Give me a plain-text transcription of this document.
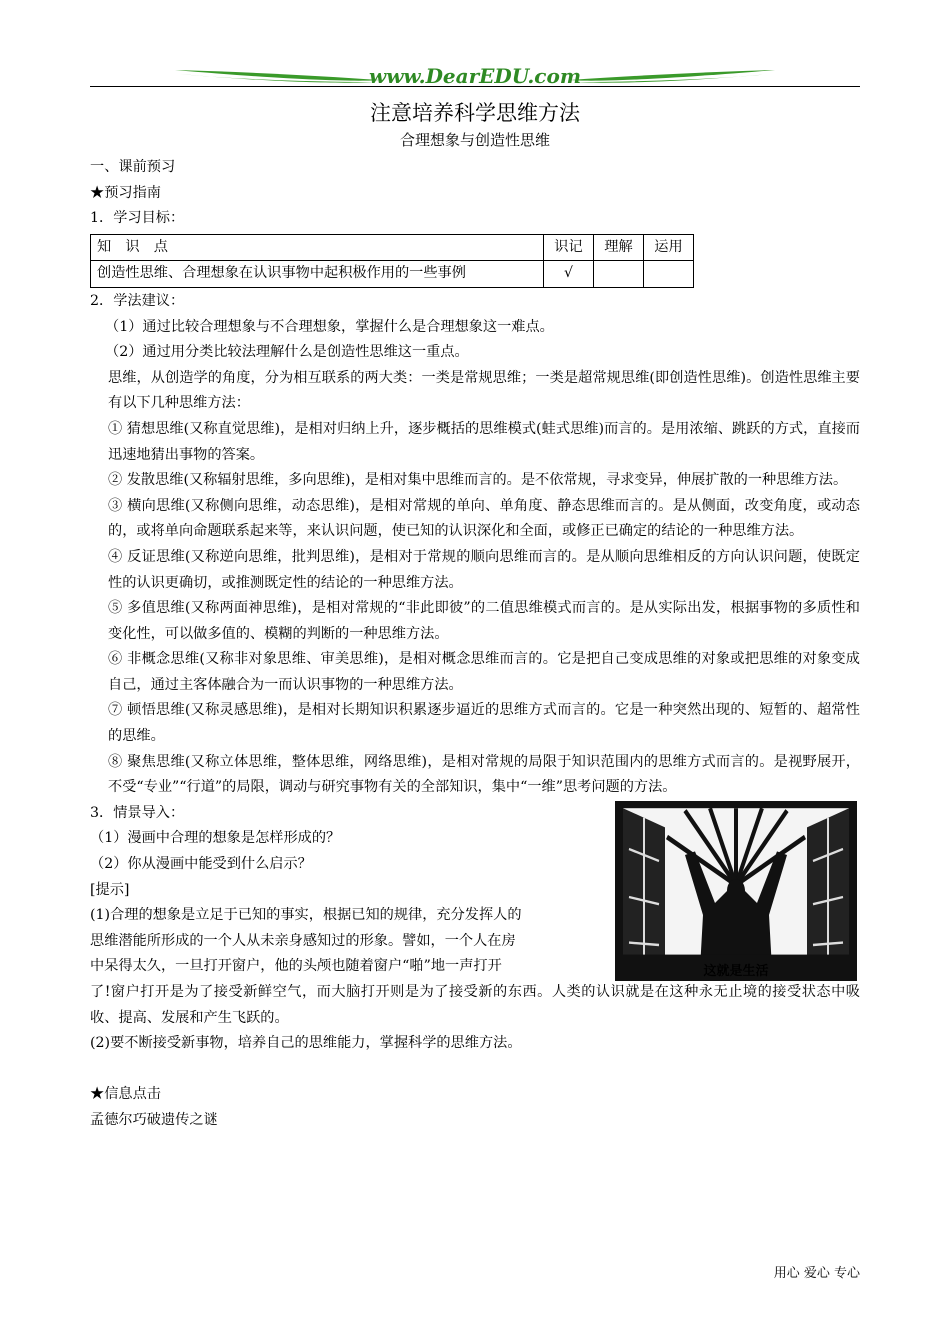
www.DearEDU.com
注意培养科学思维方法
合理想象与创造性思维
一、课前预习
★预习指南
1．学习目标：
知　识　点	识记	理解	运用
创造性思维、合理想象在认识事物中起积极作用的一些事例	√		
2．学法建议：
（1）通过比较合理想象与不合理想象，掌握什么是合理想象这一难点。
（2）通过用分类比较法理解什么是创造性思维这一重点。
思维，从创造学的角度，分为相互联系的两大类：一类是常规思维；一类是超常规思维(即创造性思维)。创造性思维主要有以下几种思维方法：
① 猜想思维(又称直觉思维)，是相对归纳上升，逐步概括的思维模式(蛙式思维)而言的。是用浓缩、跳跃的方式，直接而迅速地猜出事物的答案。
② 发散思维(又称辐射思维，多向思维)，是相对集中思维而言的。是不依常规，寻求变异，伸展扩散的一种思维方法。
③ 横向思维(又称侧向思维，动态思维)，是相对常规的单向、单角度、静态思维而言的。是从侧面，改变角度，或动态的，或将单向命题联系起来等，来认识问题，使已知的认识深化和全面，或修正已确定的结论的一种思维方法。
④ 反证思维(又称逆向思维，批判思维)，是相对于常规的顺向思维而言的。是从顺向思维相反的方向认识问题，使既定性的认识更确切，或推测既定性的结论的一种思维方法。
⑤ 多值思维(又称两面神思维)，是相对常规的“非此即彼”的二值思维模式而言的。是从实际出发，根据事物的多质性和变化性，可以做多值的、模糊的判断的一种思维方法。
⑥ 非概念思维(又称非对象思维、审美思维)，是相对概念思维而言的。它是把自己变成思维的对象或把思维的对象变成自己，通过主客体融合为一而认识事物的一种思维方法。
⑦ 顿悟思维(又称灵感思维)，是相对长期知识积累逐步逼近的思维方式而言的。它是一种突然出现的、短暂的、超常性的思维。
⑧ 聚焦思维(又称立体思维，整体思维，网络思维)，是相对常规的局限于知识范围内的思维方式而言的。是视野展开，不受“专业”“行道”的局限，调动与研究事物有关的全部知识，集中“一维”思考问题的方法。
这就是生活
3．情景导入：
（1）漫画中合理的想象是怎样形成的？
（2）你从漫画中能受到什么启示？
[提示]
(1)合理的想象是立足于已知的事实，根据已知的规律，充分发挥人的
思维潜能所形成的一个人从未亲身感知过的形象。譬如，一个人在房
中呆得太久，一旦打开窗户，他的头颅也随着窗户“啪”地一声打开
了!窗户打开是为了接受新鲜空气，而大脑打开则是为了接受新的东西。人类的认识就是在这种永无止境的接受状态中吸收、提高、发展和产生飞跃的。
(2)要不断接受新事物，培养自己的思维能力，掌握科学的思维方法。
★信息点击
孟德尔巧破遗传之谜
用心 爱心 专心
